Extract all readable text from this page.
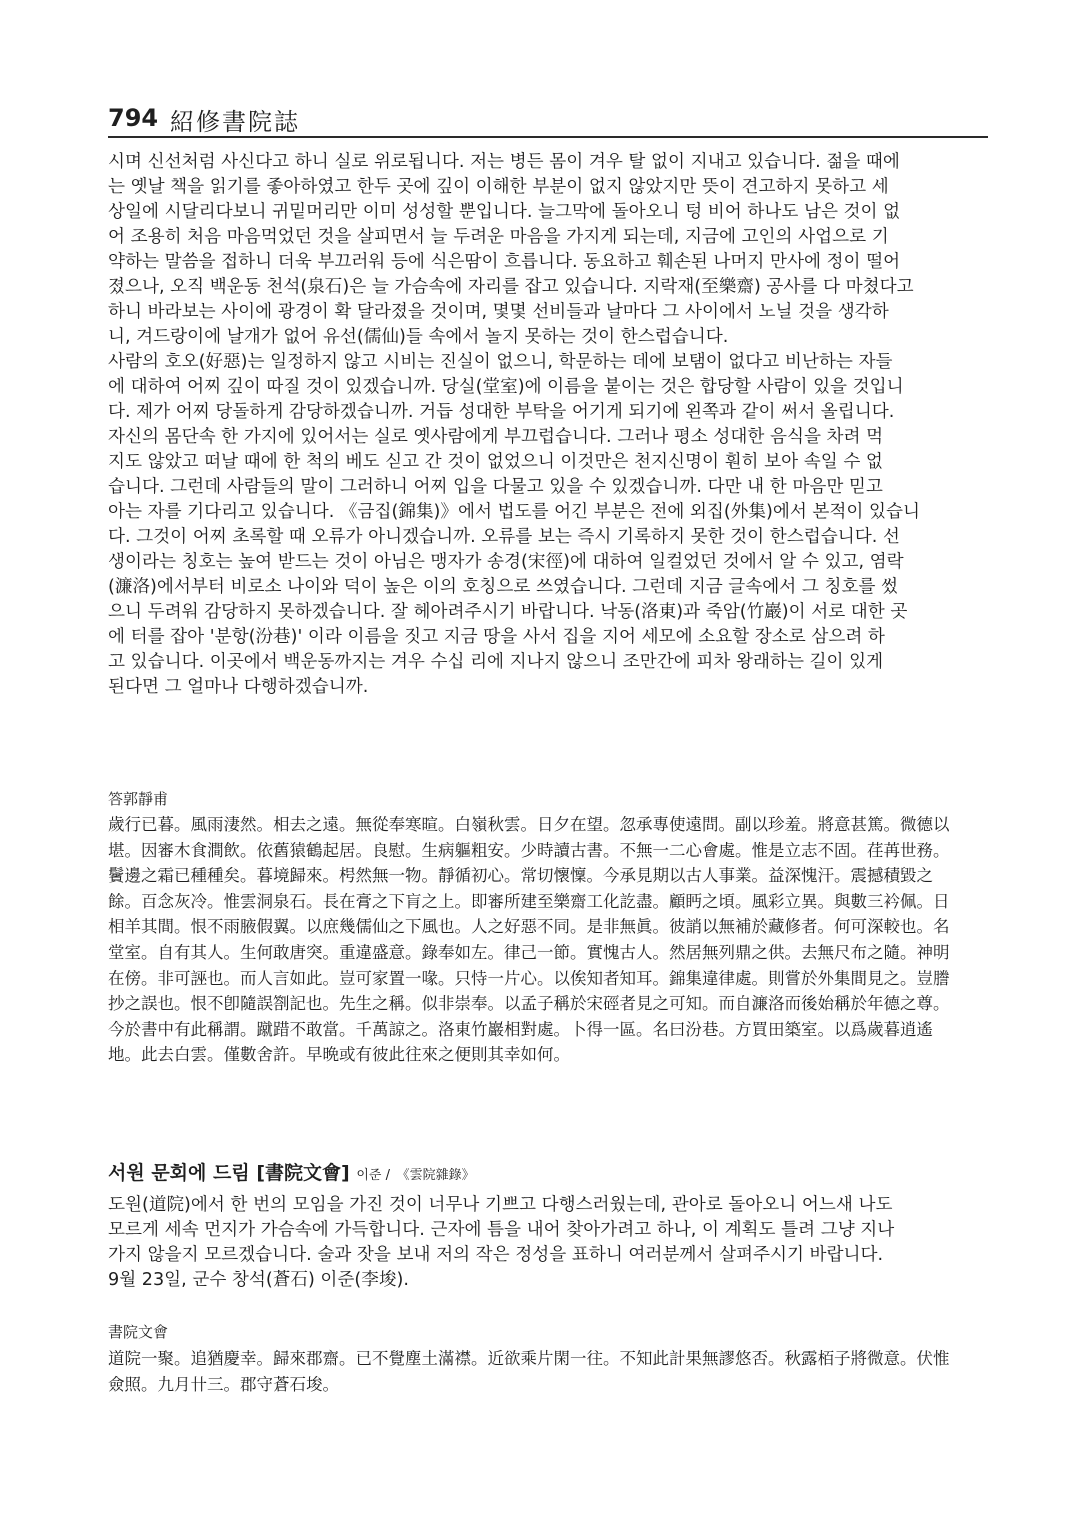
794 紹修書院誌
시며 신선처럼 사신다고 하니 실로 위로됩니다. 저는 병든 몸이 겨우 탈 없이 지내고 있습니다. 젊을 때에
는 옛날 책을 읽기를 좋아하였고 한두 곳에 깊이 이해한 부분이 없지 않았지만 뜻이 견고하지 못하고 세
상일에 시달리다보니 귀밑머리만 이미 성성할 뿐입니다. 늘그막에 돌아오니 텅 비어 하나도 남은 것이 없
어 조용히 처음 마음먹었던 것을 살피면서 늘 두려운 마음을 가지게 되는데, 지금에 고인의 사업으로 기
약하는 말씀을 접하니 더욱 부끄러워 등에 식은땀이 흐릅니다. 동요하고 훼손된 나머지 만사에 정이 떨어
졌으나, 오직 백운동 천석(泉石)은 늘 가슴속에 자리를 잡고 있습니다. 지락재(至樂齋) 공사를 다 마쳤다고
하니 바라보는 사이에 광경이 확 달라졌을 것이며, 몇몇 선비들과 날마다 그 사이에서 노닐 것을 생각하
니, 겨드랑이에 날개가 없어 유선(儒仙)들 속에서 놀지 못하는 것이 한스럽습니다.
사람의 호오(好惡)는 일정하지 않고 시비는 진실이 없으니, 학문하는 데에 보탬이 없다고 비난하는 자들
에 대하여 어찌 깊이 따질 것이 있겠습니까. 당실(堂室)에 이름을 붙이는 것은 합당할 사람이 있을 것입니
다. 제가 어찌 당돌하게 감당하겠습니까. 거듭 성대한 부탁을 어기게 되기에 왼쪽과 같이 써서 올립니다.
자신의 몸단속 한 가지에 있어서는 실로 옛사람에게 부끄럽습니다. 그러나 평소 성대한 음식을 차려 먹
지도 않았고 떠날 때에 한 척의 베도 싣고 간 것이 없었으니 이것만은 천지신명이 훤히 보아 속일 수 없
습니다. 그런데 사람들의 말이 그러하니 어찌 입을 다물고 있을 수 있겠습니까. 다만 내 한 마음만 믿고
아는 자를 기다리고 있습니다. 《금집(錦集)》에서 법도를 어긴 부분은 전에 외집(外集)에서 본적이 있습니
다. 그것이 어찌 초록할 때 오류가 아니겠습니까. 오류를 보는 즉시 기록하지 못한 것이 한스럽습니다. 선
생이라는 칭호는 높여 받드는 것이 아님은 맹자가 송경(宋徑)에 대하여 일컬었던 것에서 알 수 있고, 염락
(濂洛)에서부터 비로소 나이와 덕이 높은 이의 호칭으로 쓰였습니다. 그런데 지금 글속에서 그 칭호를 썼
으니 두려워 감당하지 못하겠습니다. 잘 헤아려주시기 바랍니다. 낙동(洛東)과 죽암(竹巖)이 서로 대한 곳
에 터를 잡아 '분항(汾巷)' 이라 이름을 짓고 지금 땅을 사서 집을 지어 세모에 소요할 장소로 삼으려 하
고 있습니다. 이곳에서 백운동까지는 겨우 수십 리에 지나지 않으니 조만간에 피차 왕래하는 길이 있게
된다면 그 얼마나 다행하겠습니까.
答郭靜甫
歲行已暮。風雨淒然。相去之遠。無從奉寒暄。白嶺秋雲。日夕在望。忽承專使遠問。副以珍羞。將意甚篤。微德以
堪。因審木食澗飲。依舊猿鶴起居。良慰。生病軀粗安。少時讀古書。不無一二心會處。惟是立志不固。荏苒世務。
鬢邊之霜已種種矣。暮境歸來。枵然無一物。靜循初心。常切懷懍。今承見期以古人事業。益深愧汗。震撼積毀之
餘。百念灰冷。惟雲洞泉石。長在膏之下肓之上。即審所建至樂齋工化訖盡。顧眄之頃。風彩立異。與數三衿佩。日
相羊其間。恨不雨腋假翼。以庶幾儒仙之下風也。人之好惡不同。是非無眞。彼誚以無補於藏修者。何可深較也。名
堂室。自有其人。生何敢唐突。重違盛意。錄奉如左。律己一節。實愧古人。然居無列鼎之供。去無尺布之隨。神明
在傍。非可誣也。而人言如此。豈可家置一喙。只恃一片心。以俟知者知耳。錦集違律處。則嘗於外集間見之。豈謄
抄之誤也。恨不卽隨誤劄記也。先生之稱。似非崇奉。以孟子稱於宋硜者見之可知。而自濂洛而後始稱於年德之尊。
今於書中有此稱謂。蹴踖不敢當。千萬諒之。洛東竹巖相對處。卜得一區。名曰汾巷。方買田築室。以爲歲暮逍遙
地。此去白雲。僅數舍許。早晩或有彼此往來之便則其幸如何。
서원 문회에 드림 [書院文會] 이준 / 《雲院雜錄》
도원(道院)에서 한 번의 모임을 가진 것이 너무나 기쁘고 다행스러웠는데, 관아로 돌아오니 어느새 나도
모르게 세속 먼지가 가슴속에 가득합니다. 근자에 틈을 내어 찾아가려고 하나, 이 계획도 틀려 그냥 지나
가지 않을지 모르겠습니다. 술과 잣을 보내 저의 작은 정성을 표하니 여러분께서 살펴주시기 바랍니다.
9월 23일, 군수 창석(蒼石) 이준(李埈).
書院文會
道院一聚。追猶慶幸。歸來郡齋。已不覺塵土滿襟。近欲乘片閑一往。不知此計果無謬悠否。秋露栢子將微意。伏惟
僉照。九月卄三。郡守蒼石埈。
